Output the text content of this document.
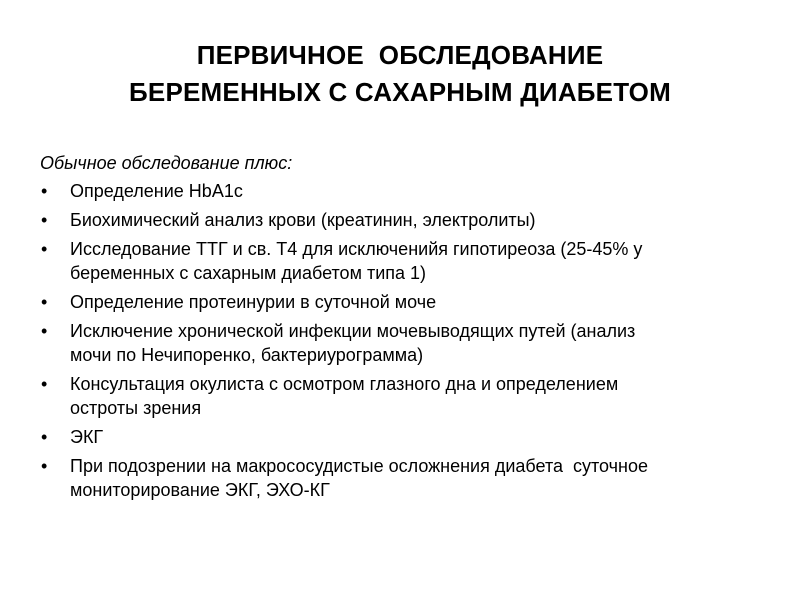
ПЕРВИЧНОЕ  ОБСЛЕДОВАНИЕ
БЕРЕМЕННЫХ С САХАРНЫМ ДИАБЕТОМ

Обычное обследование плюс:

• Определение HbA1c
• Биохимический анализ крови (креатинин, электролиты)
• Исследование ТТГ и св. Т4 для исключенийя гипотиреоза (25-45% у
беременных с сахарным диабетом типа 1)
• Определение протеинурии в суточной моче
• Исключение хронической инфекции мочевыводящих путей (анализ
мочи по Нечипоренко, бактериурограмма)
• Консультация окулиста с осмотром глазного дна и определением
остроты зрения
• ЭКГ
• При подозрении на макрососудистые осложнения диабета  суточное
мониторирование ЭКГ, ЭХО-КГ
